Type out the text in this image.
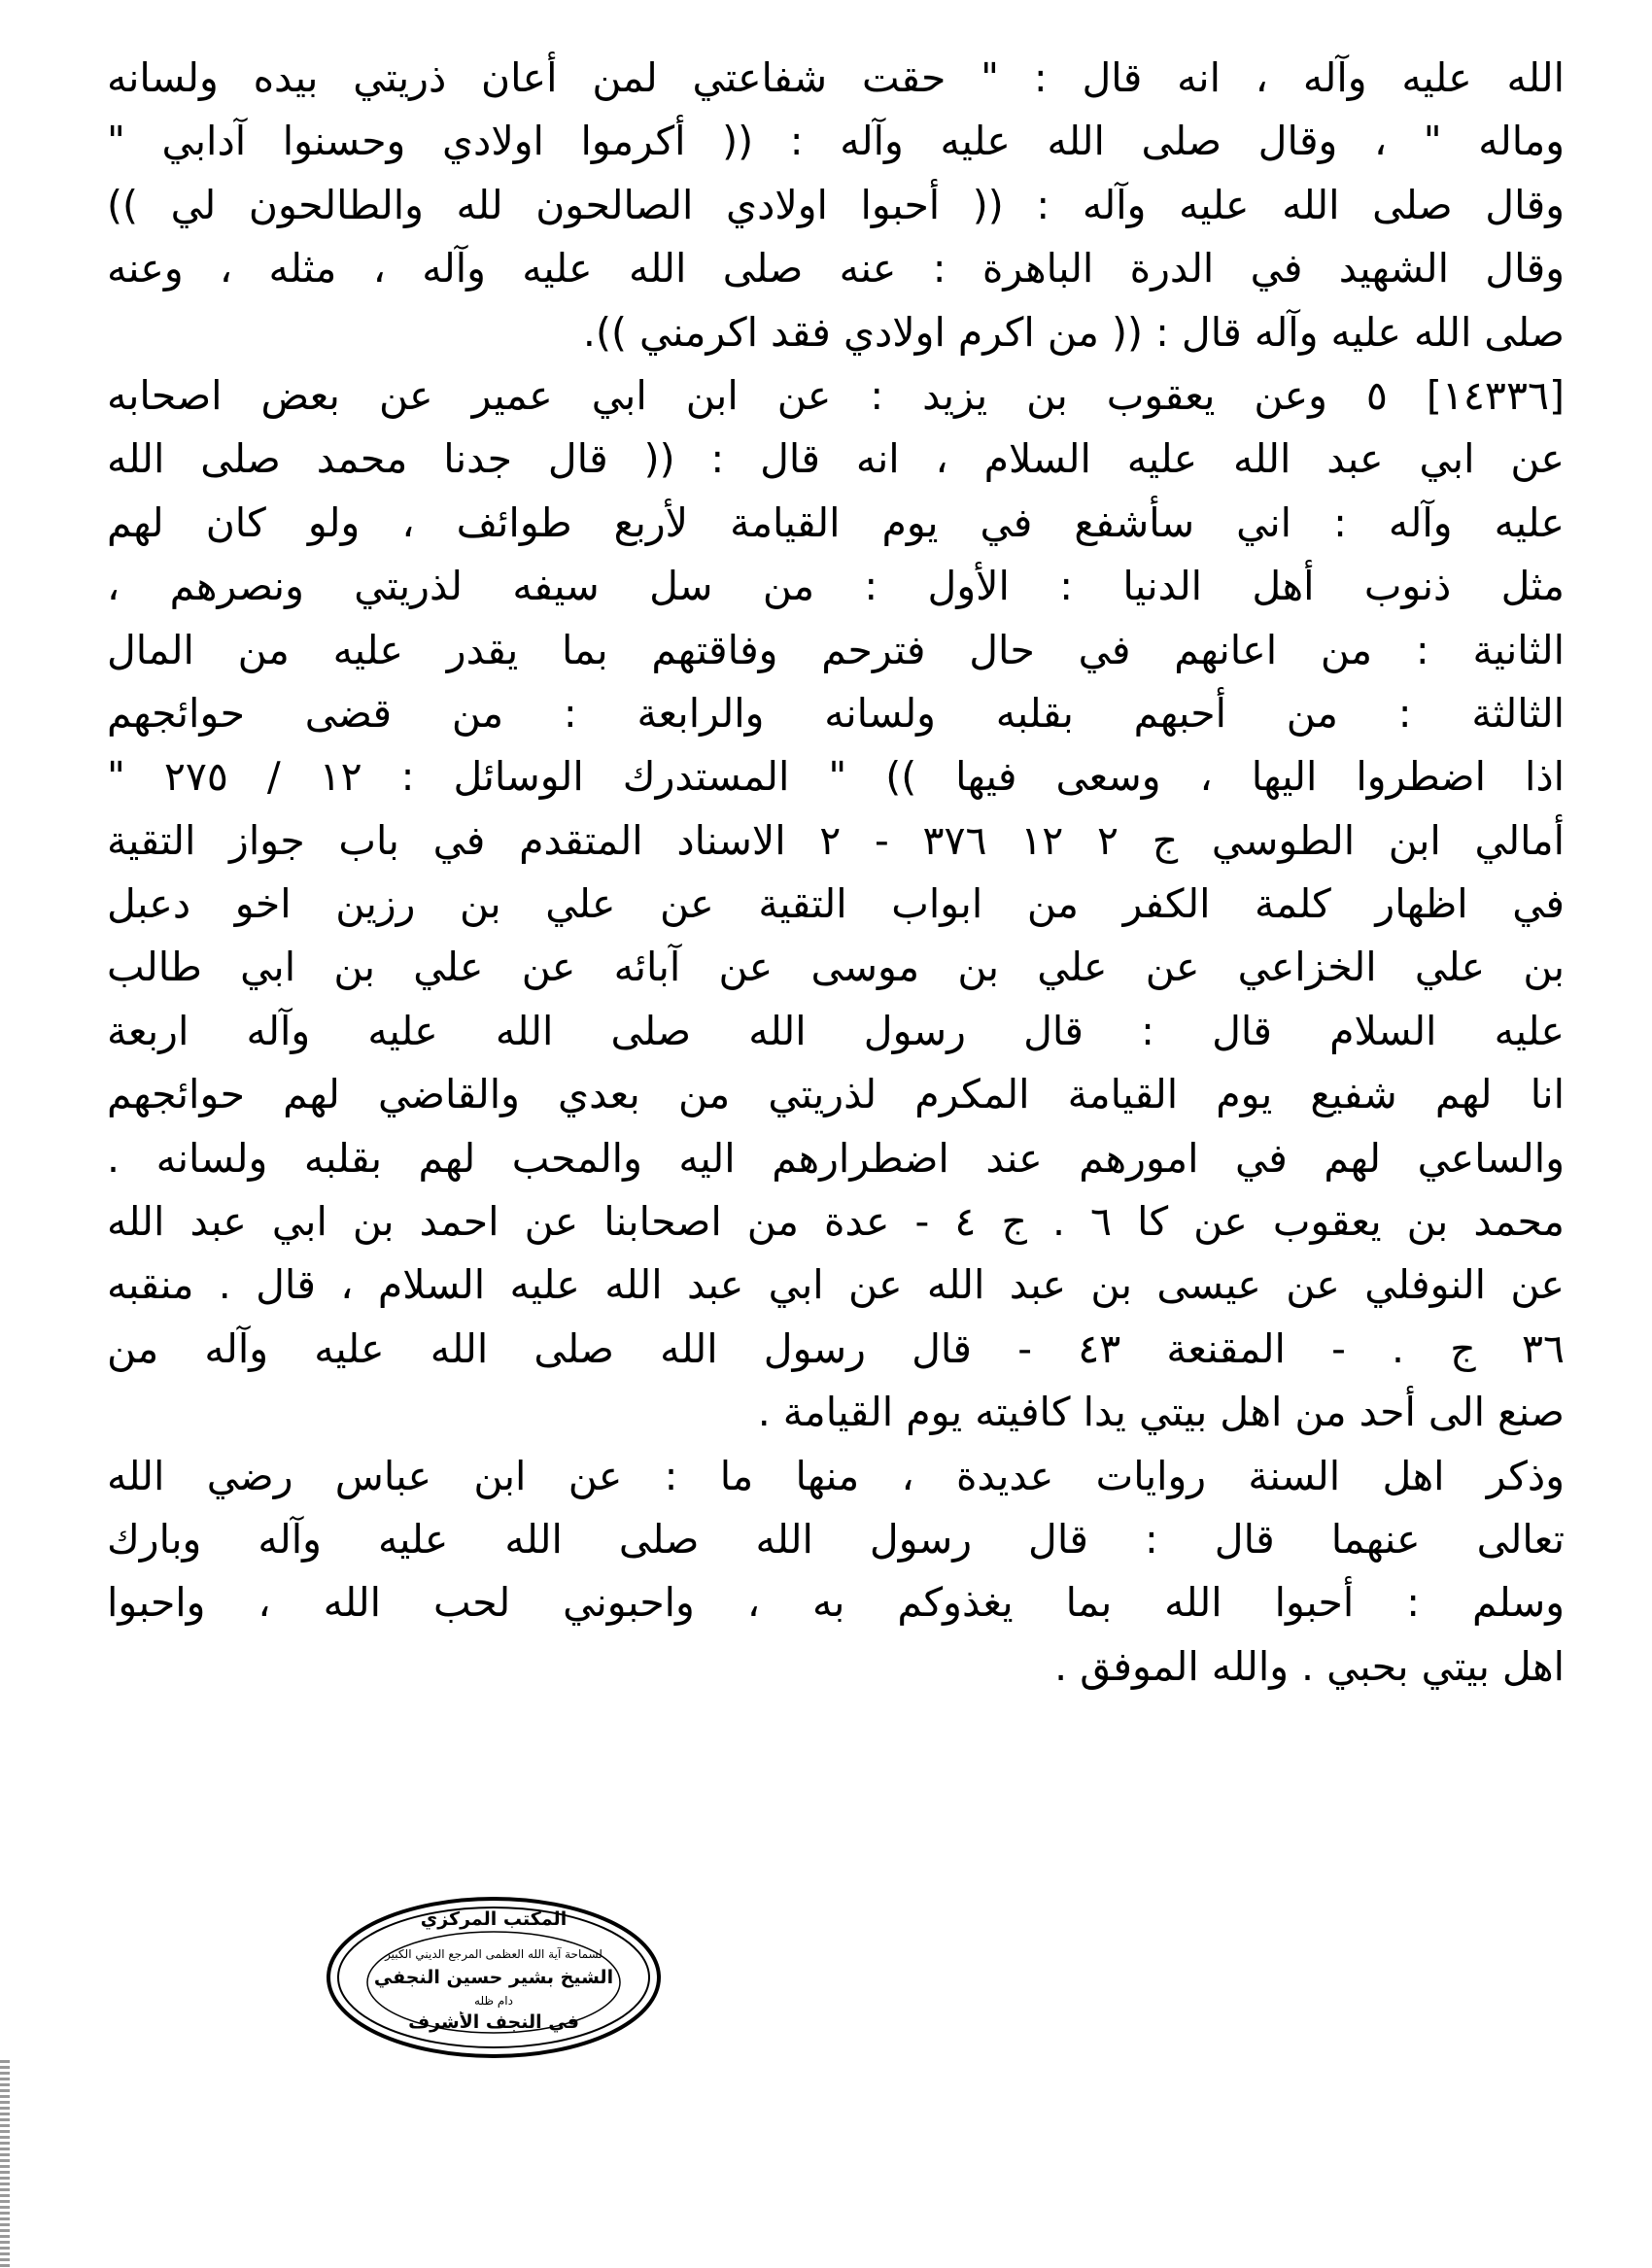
الله عليه وآله ، انه قال : " حقت شفاعتي لمن أعان ذريتي بيده ولسانه
وماله " ، وقال صلى الله عليه وآله : (( أكرموا اولادي وحسنوا آدابي "
وقال صلى الله عليه وآله : (( أحبوا اولادي الصالحون لله والطالحون لي ))
وقال الشهيد في الدرة الباهرة : عنه صلى الله عليه وآله ، مثله ، وعنه
صلى الله عليه وآله قال : (( من اكرم اولادي فقد اكرمني )).
[١٤٣٣٦] ٥ وعن يعقوب بن يزيد : عن ابن ابي عمير عن بعض اصحابه
عن ابي عبد الله عليه السلام ، انه قال : (( قال جدنا محمد صلى الله
عليه وآله : اني سأشفع في يوم القيامة لأربع طوائف ، ولو كان لهم
مثل ذنوب أهل الدنيا : الأول : من سل سيفه لذريتي ونصرهم ،
الثانية : من اعانهم في حال فترحم وفاقتهم بما يقدر عليه من المال
الثالثة : من أحبهم بقلبه ولسانه والرابعة : من قضى حوائجهم
اذا اضطروا اليها ، وسعى فيها )) " المستدرك الوسائل : ١٢ / ٢٧٥ "
أمالي ابن الطوسي ج ٢ ١٢ ٣٧٦ - ٢ الاسناد المتقدم في باب جواز التقية
في اظهار كلمة الكفر من ابواب التقية عن علي بن رزين اخو دعبل
بن علي الخزاعي عن علي بن موسى عن آبائه عن علي بن ابي طالب
عليه السلام قال : قال رسول الله صلى الله عليه وآله اربعة
انا لهم شفيع يوم القيامة المكرم لذريتي من بعدي والقاضي لهم حوائجهم
والساعي لهم في امورهم عند اضطرارهم اليه والمحب لهم بقلبه ولسانه .
محمد بن يعقوب عن كا ٦ . ج ٤ - عدة من اصحابنا عن احمد بن ابي عبد الله
عن النوفلي عن عيسى بن عبد الله عن ابي عبد الله عليه السلام ، قال . منقبه
٣٦ ج . - المقنعة ٤٣ - قال رسول الله صلى الله عليه وآله من
صنع الى أحد من اهل بيتي يدا كافيته يوم القيامة .
وذكر اهل السنة روايات عديدة ، منها ما : عن ابن عباس رضي الله
تعالى عنهما قال : قال رسول الله صلى الله عليه وآله وبارك
وسلم : أحبوا الله بما يغذوكم به ، واحبوني لحب الله ، واحبوا
اهل بيتي بحبي . والله الموفق .
المكتب المركزي
لسماحة آية الله العظمى المرجع الديني الكبير
الشيخ بشير حسين النجفي
دام ظله
في النجف الأشرف
